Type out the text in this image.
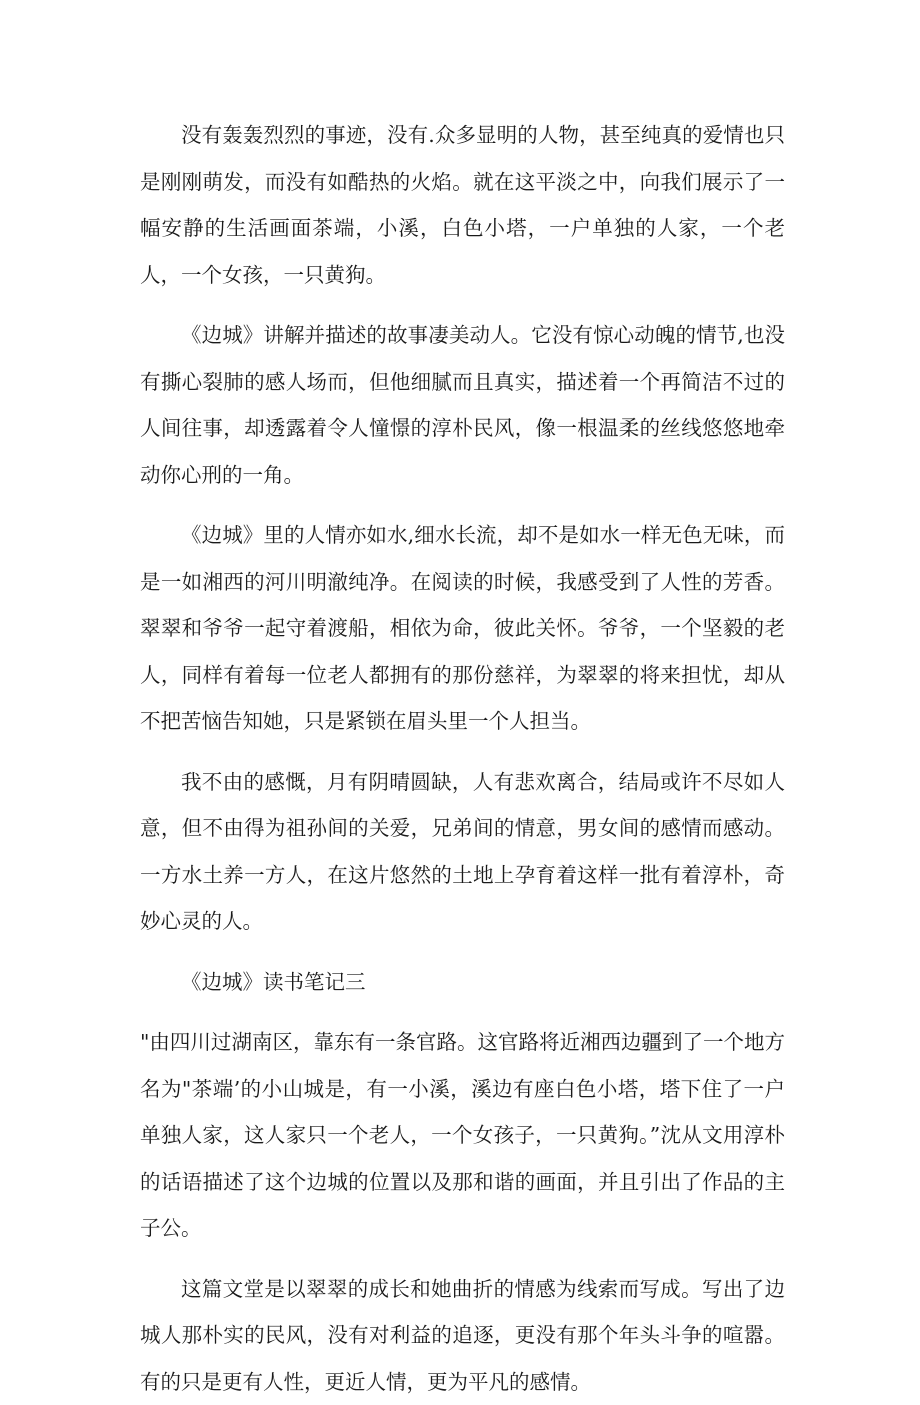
没有轰轰烈烈的事迹，没有.众多显明的人物，甚至纯真的爱情也只是刚刚萌发，而没有如酷热的火焰。就在这平淡之中，向我们展示了一幅安静的生活画面茶端，小溪，白色小塔，一户单独的人家，一个老人，一个女孩，一只黄狗。

《边城》讲解并描述的故事凄美动人。它没有惊心动魄的情节,也没有撕心裂肺的感人场而，但他细腻而且真实，描述着一个再简洁不过的人间往事，却透露着令人憧憬的淳朴民风，像一根温柔的丝线悠悠地牵动你心刑的一角。

《边城》里的人情亦如水,细水长流，却不是如水一样无色无味，而是一如湘西的河川明澈纯净。在阅读的时候，我感受到了人性的芳香。翠翠和爷爷一起守着渡船，相依为命，彼此关怀。爷爷，一个坚毅的老人，同样有着每一位老人都拥有的那份慈祥，为翠翠的将来担忧，却从不把苦恼告知她，只是紧锁在眉头里一个人担当。

我不由的感慨，月有阴晴圆缺，人有悲欢离合，结局或许不尽如人意，但不由得为祖孙间的关爱，兄弟间的情意，男女间的感情而感动。一方水土养一方人，在这片悠然的土地上孕育着这样一批有着淳朴，奇妙心灵的人。

《边城》读书笔记三

"由四川过湖南区，靠东有一条官路。这官路将近湘西边疆到了一个地方名为"茶端’的小山城是，有一小溪，溪边有座白色小塔，塔下住了一户单独人家，这人家只一个老人，一个女孩子，一只黄狗。”沈从文用淳朴的话语描述了这个边城的位置以及那和谐的画面，并且引出了作品的主子公。

这篇文堂是以翠翠的成长和她曲折的情感为线索而写成。写出了边城人那朴实的民风，没有对利益的追逐，更没有那个年头斗争的喧嚣。有的只是更有人性，更近人情，更为平凡的感情。
